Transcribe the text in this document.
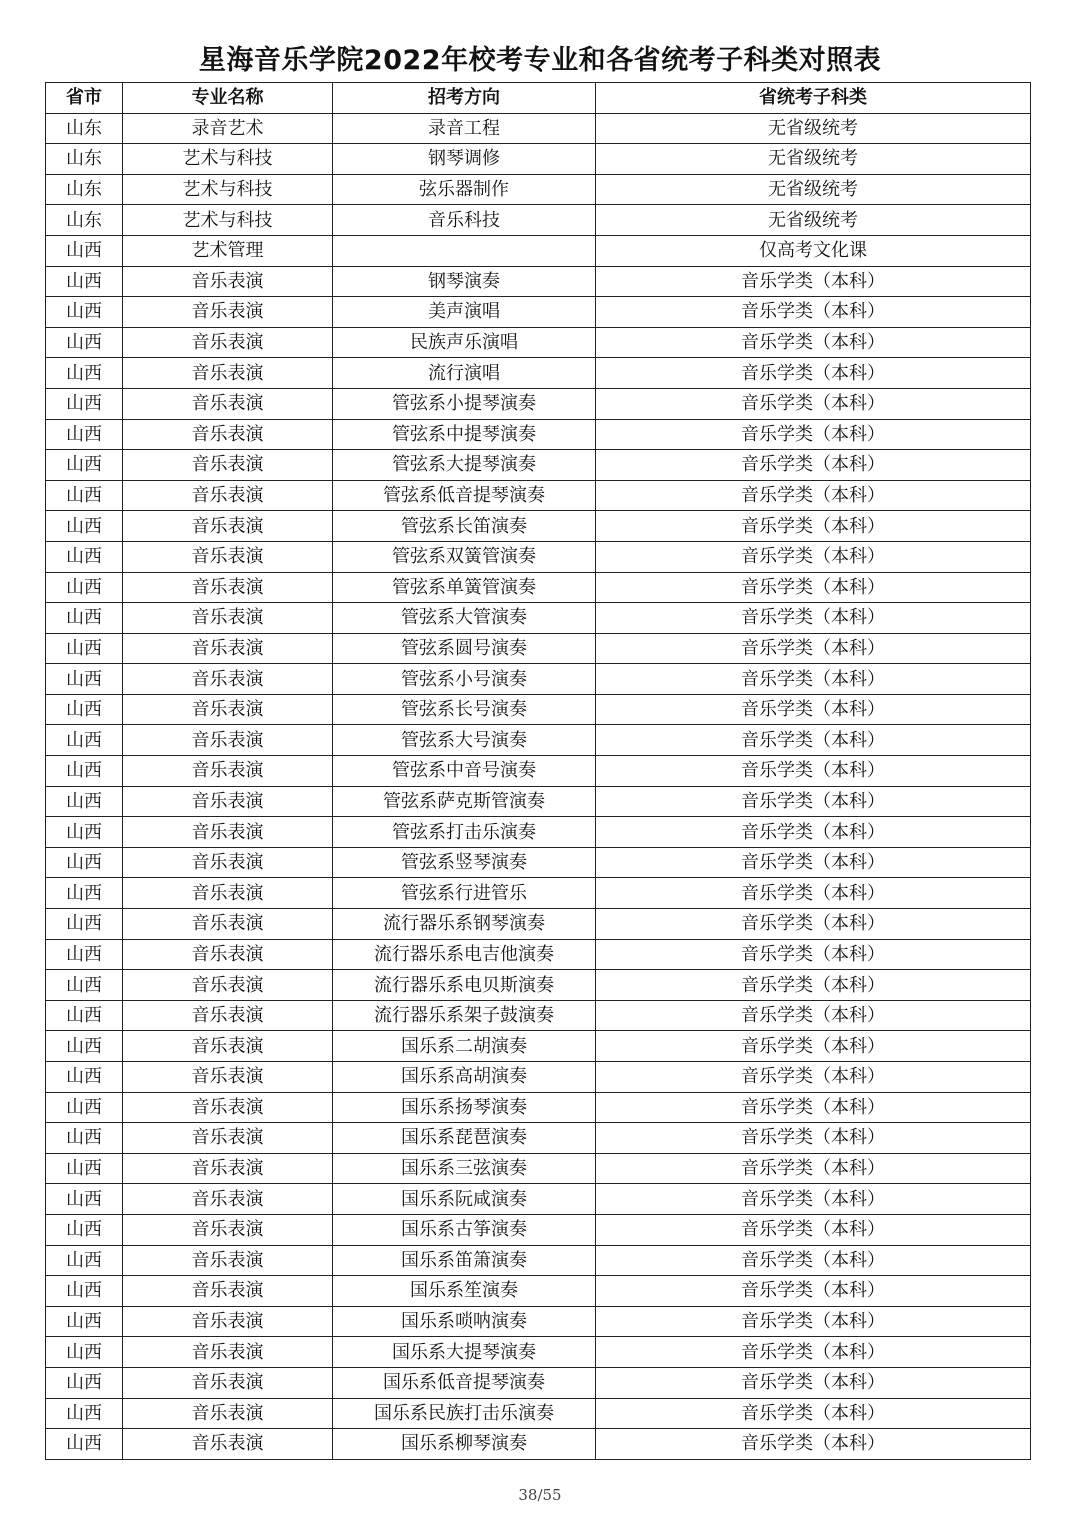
星海音乐学院2022年校考专业和各省统考子科类对照表
省市	专业名称	招考方向	省统考子科类
山东	录音艺术	录音工程	无省级统考
山东	艺术与科技	钢琴调修	无省级统考
山东	艺术与科技	弦乐器制作	无省级统考
山东	艺术与科技	音乐科技	无省级统考
山西	艺术管理		仅高考文化课
山西	音乐表演	钢琴演奏	音乐学类（本科）
山西	音乐表演	美声演唱	音乐学类（本科）
山西	音乐表演	民族声乐演唱	音乐学类（本科）
山西	音乐表演	流行演唱	音乐学类（本科）
山西	音乐表演	管弦系小提琴演奏	音乐学类（本科）
山西	音乐表演	管弦系中提琴演奏	音乐学类（本科）
山西	音乐表演	管弦系大提琴演奏	音乐学类（本科）
山西	音乐表演	管弦系低音提琴演奏	音乐学类（本科）
山西	音乐表演	管弦系长笛演奏	音乐学类（本科）
山西	音乐表演	管弦系双簧管演奏	音乐学类（本科）
山西	音乐表演	管弦系单簧管演奏	音乐学类（本科）
山西	音乐表演	管弦系大管演奏	音乐学类（本科）
山西	音乐表演	管弦系圆号演奏	音乐学类（本科）
山西	音乐表演	管弦系小号演奏	音乐学类（本科）
山西	音乐表演	管弦系长号演奏	音乐学类（本科）
山西	音乐表演	管弦系大号演奏	音乐学类（本科）
山西	音乐表演	管弦系中音号演奏	音乐学类（本科）
山西	音乐表演	管弦系萨克斯管演奏	音乐学类（本科）
山西	音乐表演	管弦系打击乐演奏	音乐学类（本科）
山西	音乐表演	管弦系竖琴演奏	音乐学类（本科）
山西	音乐表演	管弦系行进管乐	音乐学类（本科）
山西	音乐表演	流行器乐系钢琴演奏	音乐学类（本科）
山西	音乐表演	流行器乐系电吉他演奏	音乐学类（本科）
山西	音乐表演	流行器乐系电贝斯演奏	音乐学类（本科）
山西	音乐表演	流行器乐系架子鼓演奏	音乐学类（本科）
山西	音乐表演	国乐系二胡演奏	音乐学类（本科）
山西	音乐表演	国乐系高胡演奏	音乐学类（本科）
山西	音乐表演	国乐系扬琴演奏	音乐学类（本科）
山西	音乐表演	国乐系琵琶演奏	音乐学类（本科）
山西	音乐表演	国乐系三弦演奏	音乐学类（本科）
山西	音乐表演	国乐系阮咸演奏	音乐学类（本科）
山西	音乐表演	国乐系古筝演奏	音乐学类（本科）
山西	音乐表演	国乐系笛箫演奏	音乐学类（本科）
山西	音乐表演	国乐系笙演奏	音乐学类（本科）
山西	音乐表演	国乐系唢呐演奏	音乐学类（本科）
山西	音乐表演	国乐系大提琴演奏	音乐学类（本科）
山西	音乐表演	国乐系低音提琴演奏	音乐学类（本科）
山西	音乐表演	国乐系民族打击乐演奏	音乐学类（本科）
山西	音乐表演	国乐系柳琴演奏	音乐学类（本科）
38/55
